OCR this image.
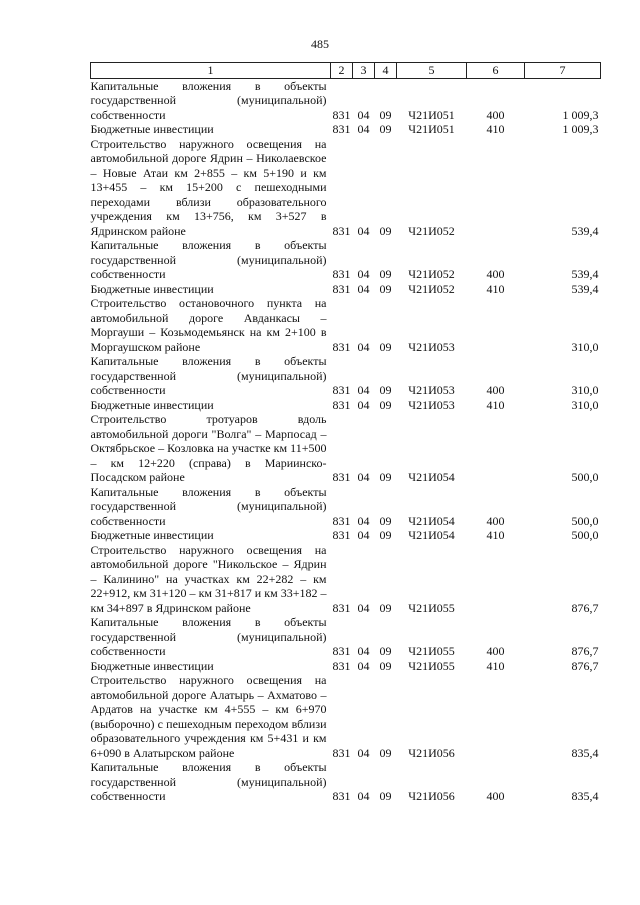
485
1	2	3	4	5	6	7
Капитальные вложения в объекты государственной (муниципальной) собственности	831	04	09	Ч21И051	400	1 009,3
Бюджетные инвестиции	831	04	09	Ч21И051	410	1 009,3
Строительство наружного освещения на автомобильной дороге Ядрин – Николаевское – Новые Атаи км 2+855 – км 5+190 и км 13+455 – км 15+200 с пешеходными переходами вблизи образовательного учреждения км 13+756, км 3+527 в Ядринском районе	831	04	09	Ч21И052		539,4
Капитальные вложения в объекты государственной (муниципальной) собственности	831	04	09	Ч21И052	400	539,4
Бюджетные инвестиции	831	04	09	Ч21И052	410	539,4
Строительство остановочного пункта на автомобильной дороге Авданкасы – Моргауши – Козьмодемьянск на км 2+100 в Моргаушском районе	831	04	09	Ч21И053		310,0
Капитальные вложения в объекты государственной (муниципальной) собственности	831	04	09	Ч21И053	400	310,0
Бюджетные инвестиции	831	04	09	Ч21И053	410	310,0
Строительство тротуаров вдоль автомобильной дороги "Волга" – Марпосад – Октябрьское – Козловка на участке км 11+500 – км 12+220 (справа) в Мариинско-Посадском районе	831	04	09	Ч21И054		500,0
Капитальные вложения в объекты государственной (муниципальной) собственности	831	04	09	Ч21И054	400	500,0
Бюджетные инвестиции	831	04	09	Ч21И054	410	500,0
Строительство наружного освещения на автомобильной дороге "Никольское – Ядрин – Калинино" на участках км 22+282 – км 22+912, км 31+120 – км 31+817 и км 33+182 – км 34+897 в Ядринском районе	831	04	09	Ч21И055		876,7
Капитальные вложения в объекты государственной (муниципальной) собственности	831	04	09	Ч21И055	400	876,7
Бюджетные инвестиции	831	04	09	Ч21И055	410	876,7
Строительство наружного освещения на автомобильной дороге Алатырь – Ахматово – Ардатов на участке км 4+555 – км 6+970 (выборочно) с пешеходным переходом вблизи образовательного учреждения км 5+431 и км 6+090 в Алатырском районе	831	04	09	Ч21И056		835,4
Капитальные вложения в объекты государственной (муниципальной) собственности	831	04	09	Ч21И056	400	835,4
